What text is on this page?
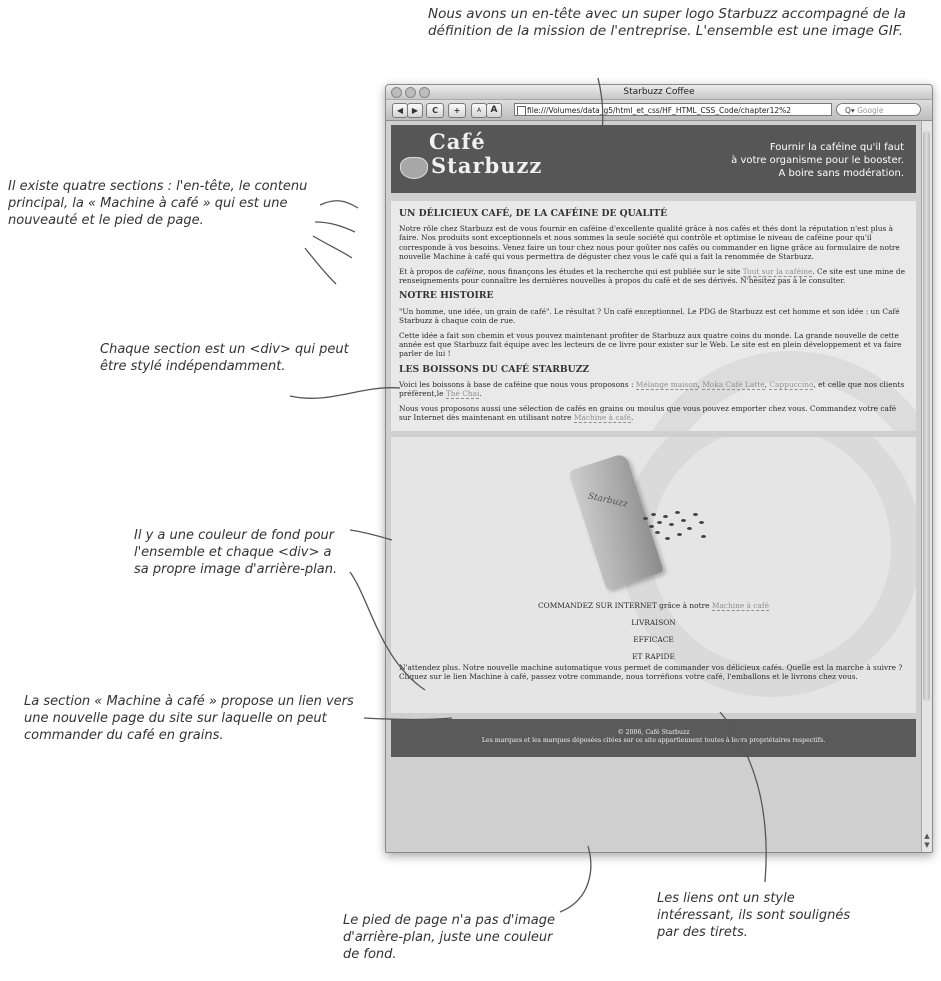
Nous avons un en-tête avec un super logo Starbuzz accompagné de la définition de la mission de l'entreprise. L'ensemble est une image GIF.
Il existe quatre sections : l'en-tête, le contenu principal, la « Machine à café » qui est une nouveauté et le pied de page.
Chaque section est un <div> qui peut être stylé indépendamment.
Il y a une couleur de fond pour l'ensemble et chaque <div> a sa propre image d'arrière-plan.
La section « Machine à café » propose un lien vers une nouvelle page du site sur laquelle on peut commander du café en grains.
Le pied de page n'a pas d'image d'arrière-plan, juste une couleur de fond.
Les liens ont un style intéressant, ils sont soulignés par des tirets.
Starbuzz Coffee
◀	▶	C	+	A	A	file:///Volumes/data_g5/html_et_css/HF_HTML_CSS_Code/chapter12%2	Q▾ Google
Café
Starbuzz
Fournir la caféine qu'il faut
à votre organisme pour le booster.
A boire sans modération.
UN DÉLICIEUX CAFÉ, DE LA CAFÉINE DE QUALITÉ

Notre rôle chez Starbuzz est de vous fournir en caféine d'excellente qualité grâce à nos cafés et thés dont la réputation n'est plus à faire. Nos produits sont exceptionnels et nous sommes la seule société qui contrôle et optimise le niveau de caféine pour qu'il corresponde à vos besoins. Venez faire un tour chez nous pour goûter nos cafés ou commander en ligne grâce au formulaire de notre nouvelle Machine à café qui vous permettra de déguster chez vous le café qui a fait la renommée de Starbuzz.

Et à propos de caféine, nous finançons les études et la recherche qui est publiée sur le site Tout sur la caféine. Ce site est une mine de renseignements pour connaître les dernières nouvelles à propos du café et de ses dérivés. N'hésitez pas à le consulter.

NOTRE HISTOIRE

"Un homme, une idée, un grain de café". Le résultat ? Un café exceptionnel. Le PDG de Starbuzz est cet homme et son idée : un Café Starbuzz à chaque coin de rue.

Cette idée a fait son chemin et vous pouvez maintenant profiter de Starbuzz aux quatre coins du monde. La grande nouvelle de cette année est que Starbuzz fait équipe avec les lecteurs de ce livre pour exister sur le Web. Le site est en plein développement et va faire parler de lui !

LES BOISSONS DU CAFÉ STARBUZZ

Voici les boissons à base de caféine que nous vous proposons : Mélange maison, Moka Café Latte, Cappuccino, et celle que nos clients préfèrent,le Thé Chai.

Nous vous proposons aussi une sélection de cafés en grains ou moulus que vous pouvez emporter chez vous. Commandez votre café sur Internet dès maintenant en utilisant notre Machine à café.

Starbuzz
COMMANDEZ SUR INTERNET grâce à notre Machine à café
LIVRAISON
EFFICACE
ET RAPIDE
N'attendez plus. Notre nouvelle machine automatique vous permet de commander vos délicieux cafés. Quelle est la marche à suivre ? Cliquez sur le lien Machine à café, passez votre commande, nous torréfions votre café, l'emballons et le livrons chez vous.
© 2006, Café Starbuzz
Les marques et les marques déposées citées sur ce site appartiennent toutes à leurs propriétaires respectifs.
▲
▼
